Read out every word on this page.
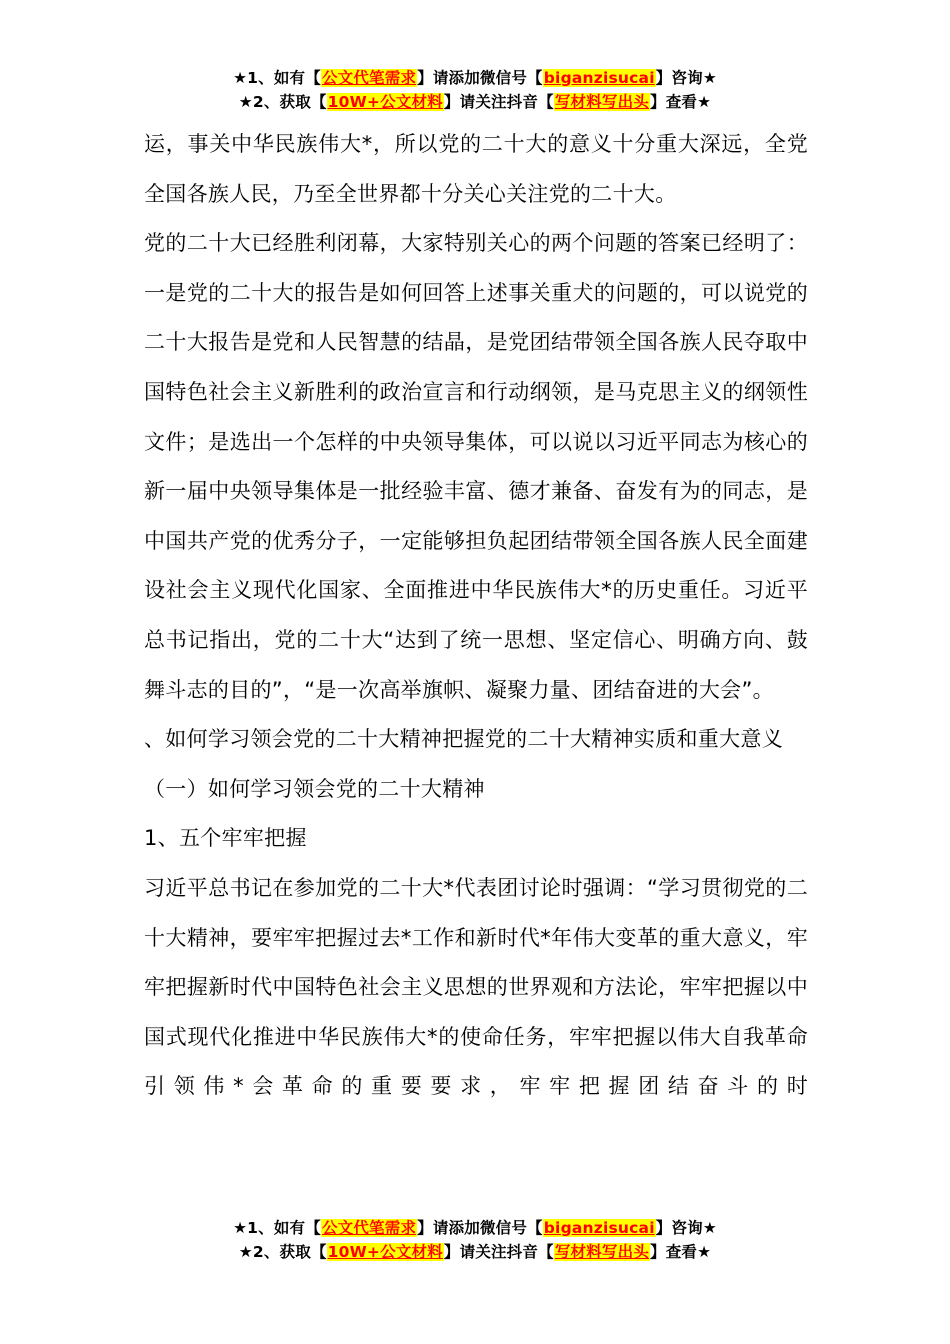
★1、如有【公文代笔需求】请添加微信号【biganzisucai】咨询★
★2、获取【10W+公文材料】请关注抖音【写材料写出头】查看★

运，事关中华民族伟大*，所以党的二十大的意义十分重大深远，全党全国各族人民，乃至全世界都十分关心关注党的二十大。

党的二十大已经胜利闭幕，大家特别关心的两个问题的答案已经明了：一是党的二十大的报告是如何回答上述事关重犬的问题的，可以说党的二十大报告是党和人民智慧的结晶，是党团结带领全国各族人民夺取中国特色社会主义新胜利的政治宣言和行动纲领，是马克思主义的纲领性文件；是选出一个怎样的中央领导集体，可以说以习近平同志为核心的新一届中央领导集体是一批经验丰富、德才兼备、奋发有为的同志，是中国共产党的优秀分子，一定能够担负起团结带领全国各族人民全面建设社会主义现代化国家、全面推进中华民族伟大*的历史重任。习近平总书记指出，党的二十大“达到了统一思想、坚定信心、明确方向、鼓舞斗志的目的”，“是一次高举旗帜、凝聚力量、团结奋进的大会”。

、如何学习领会党的二十大精神把握党的二十大精神实质和重大意义

（一）如何学习领会党的二十大精神

1、五个牢牢把握

习近平总书记在参加党的二十大*代表团讨论时强调：“学习贯彻党的二十大精神，要牢牢把握过去*工作和新时代*年伟大变革的重大意义，牢牢把握新时代中国特色社会主义思想的世界观和方法论，牢牢把握以中国式现代化推进中华民族伟大*的使命任务，牢牢把握以伟大自我革命引领伟*会革命的重要要求，牢牢把握团结奋斗的时

★1、如有【公文代笔需求】请添加微信号【biganzisucai】咨询★
★2、获取【10W+公文材料】请关注抖音【写材料写出头】查看★
